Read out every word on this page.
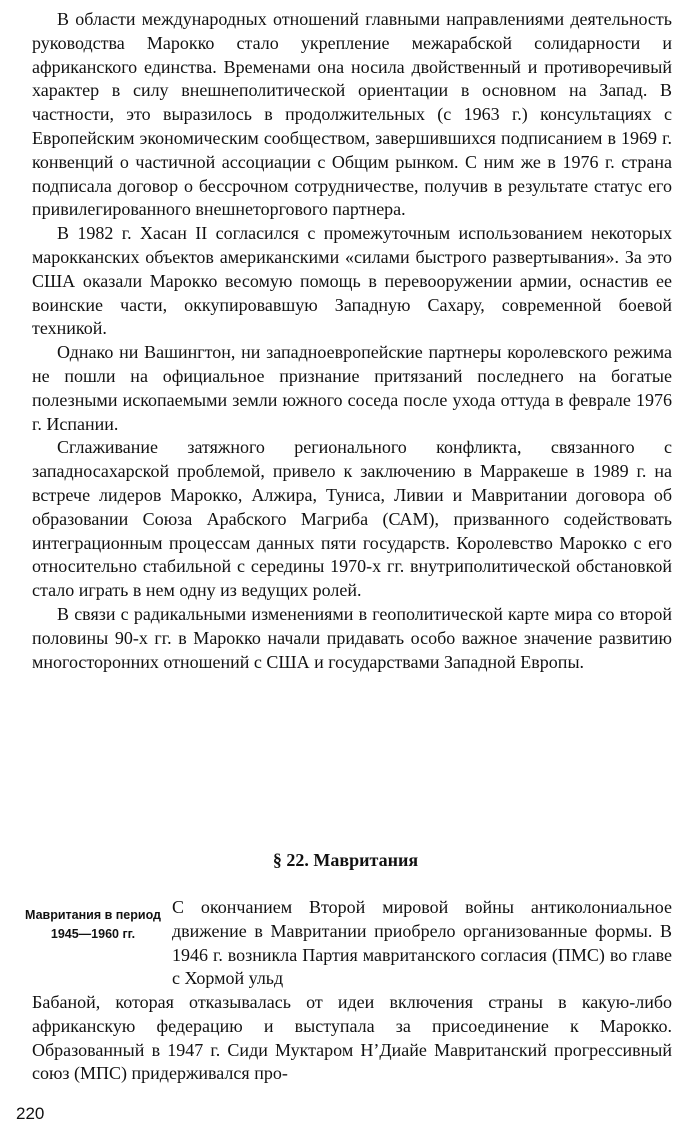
В области международных отношений главными направлениями деятельность руководства Марокко стало укрепление межарабской солидарности и африканского единства. Временами она носила двойственный и противоречивый характер в силу внешнеполитической ориентации в основном на Запад. В частности, это выразилось в продолжительных (с 1963 г.) консультациях с Европейским экономическим сообществом, завершившихся подписанием в 1969 г. конвенций о частичной ассоциации с Общим рынком. С ним же в 1976 г. страна подписала договор о бессрочном сотрудничестве, получив в результате статус его привилегированного внешнеторгового партнера.

В 1982 г. Хасан II согласился с промежуточным использованием некоторых марокканских объектов американскими «силами быстрого развертывания». За это США оказали Марокко весомую помощь в перевооружении армии, оснастив ее воинские части, оккупировавшую Западную Сахару, современной боевой техникой.

Однако ни Вашингтон, ни западноевропейские партнеры королевского режима не пошли на официальное признание притязаний последнего на богатые полезными ископаемыми земли южного соседа после ухода оттуда в феврале 1976 г. Испании.

Сглаживание затяжного регионального конфликта, связанного с западносахарской проблемой, привело к заключению в Марракеше в 1989 г. на встрече лидеров Марокко, Алжира, Туниса, Ливии и Мавритании договора об образовании Союза Арабского Магриба (САМ), призванного содействовать интеграционным процессам данных пяти государств. Королевство Марокко с его относительно стабильной с середины 1970-х гг. внутриполитической обстановкой стало играть в нем одну из ведущих ролей.

В связи с радикальными изменениями в геополитической карте мира со второй половины 90-х гг. в Марокко начали придавать особо важное значение развитию многосторонних отношений с США и государствами Западной Европы.

§ 22. Мавритания
Мавритания в период 1945—1960 гг.

С окончанием Второй мировой войны антиколониальное движение в Мавритании приобрело организованные формы. В 1946 г. возникла Партия мавританского согласия (ПМС) во главе с Хормой ульд

Бабаной, которая отказывалась от идеи включения страны в какую-либо африканскую федерацию и выступала за присоединение к Марокко. Образованный в 1947 г. Сиди Муктаром Н’Диайе Мавританский прогрессивный союз (МПС) придерживался про-

220
